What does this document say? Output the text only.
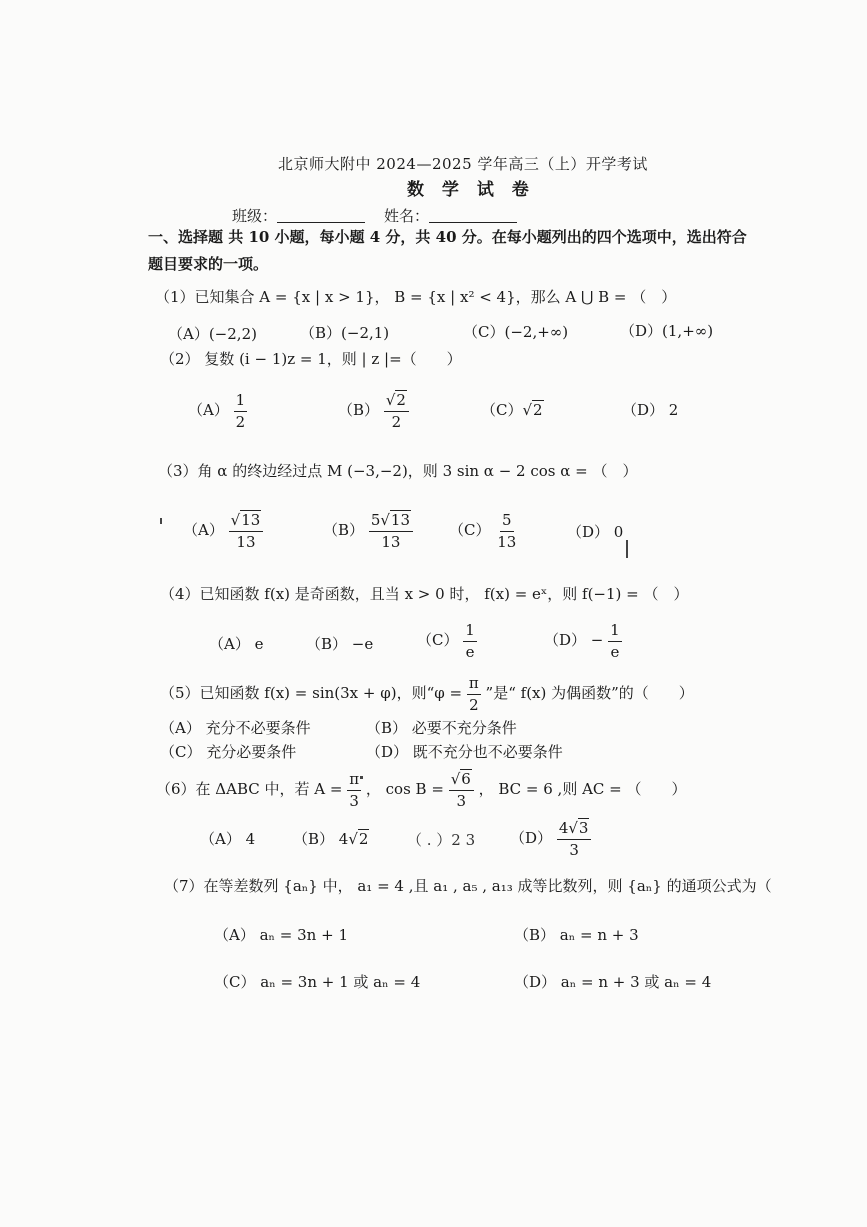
北京师大附中 2024—2025 学年高三（上）开学考试
数 学 试 卷
班级：	姓名：
一、选择题 共 10 小题，每小题 4 分，共 40 分。在每小题列出的四个选项中，选出符合
题目要求的一项。
（1）已知集合 A = {x | x > 1}， B = {x | x² < 4}，那么 A ⋃ B = （　）
（A）(−2,2)	（B）(−2,1)	（C）(−2,+∞)	（D）(1,+∞)
（2） 复数 (i − 1)z = 1，则 | z |=（　　）
$(A) \frac{1}{2}$	（B） √ $\frac{2}{2}$	（C） √ 2	（D） 2
（3）角 α 的终边经过点 M (−3,−2)，则 3 sin α − 2 cos α = （　）
（A） √ $\frac{13}{13}$	$(B) \frac{5 √ 13}{13} (C) \frac{5}{13}$	（D） 0
（4）已知函数 f(x) 是奇函数，且当 x > 0 时， f(x) = eˣ，则 f(−1) = （　）
（A） e	（B） −e	$(C) \frac{1}{e}$	$(D) - \frac{1}{e}$
（5）已知函数 f(x) = sin(3x + φ)，则“$\varphi = \frac{\pi}{2}$ ”是“ f(x) 为偶函数”的（　　）
（A） 充分不必要条件	（B） 必要不充分条件
（C） 充分必要条件	（D） 既不充分也不必要条件
（6）在 ΔABC 中，若 $A = \frac{\pi}{3}$ ， cos B = √ $\frac{6}{3}$ ， BC = 6 ,则 AC = （　　）
（A） 4	（B） 4 √ 2	（ . ）2 3 $(D) \frac{4 √ 3}{3}$
（7）在等差数列 {aₙ} 中， a₁ = 4 ,且 a₁ , a₅ , a₁₃ 成等比数列，则 {aₙ} 的通项公式为（
（A） aₙ = 3n + 1	（B） aₙ = n + 3
（C） aₙ = 3n + 1 或 aₙ = 4	（D） aₙ = n + 3 或 aₙ = 4
